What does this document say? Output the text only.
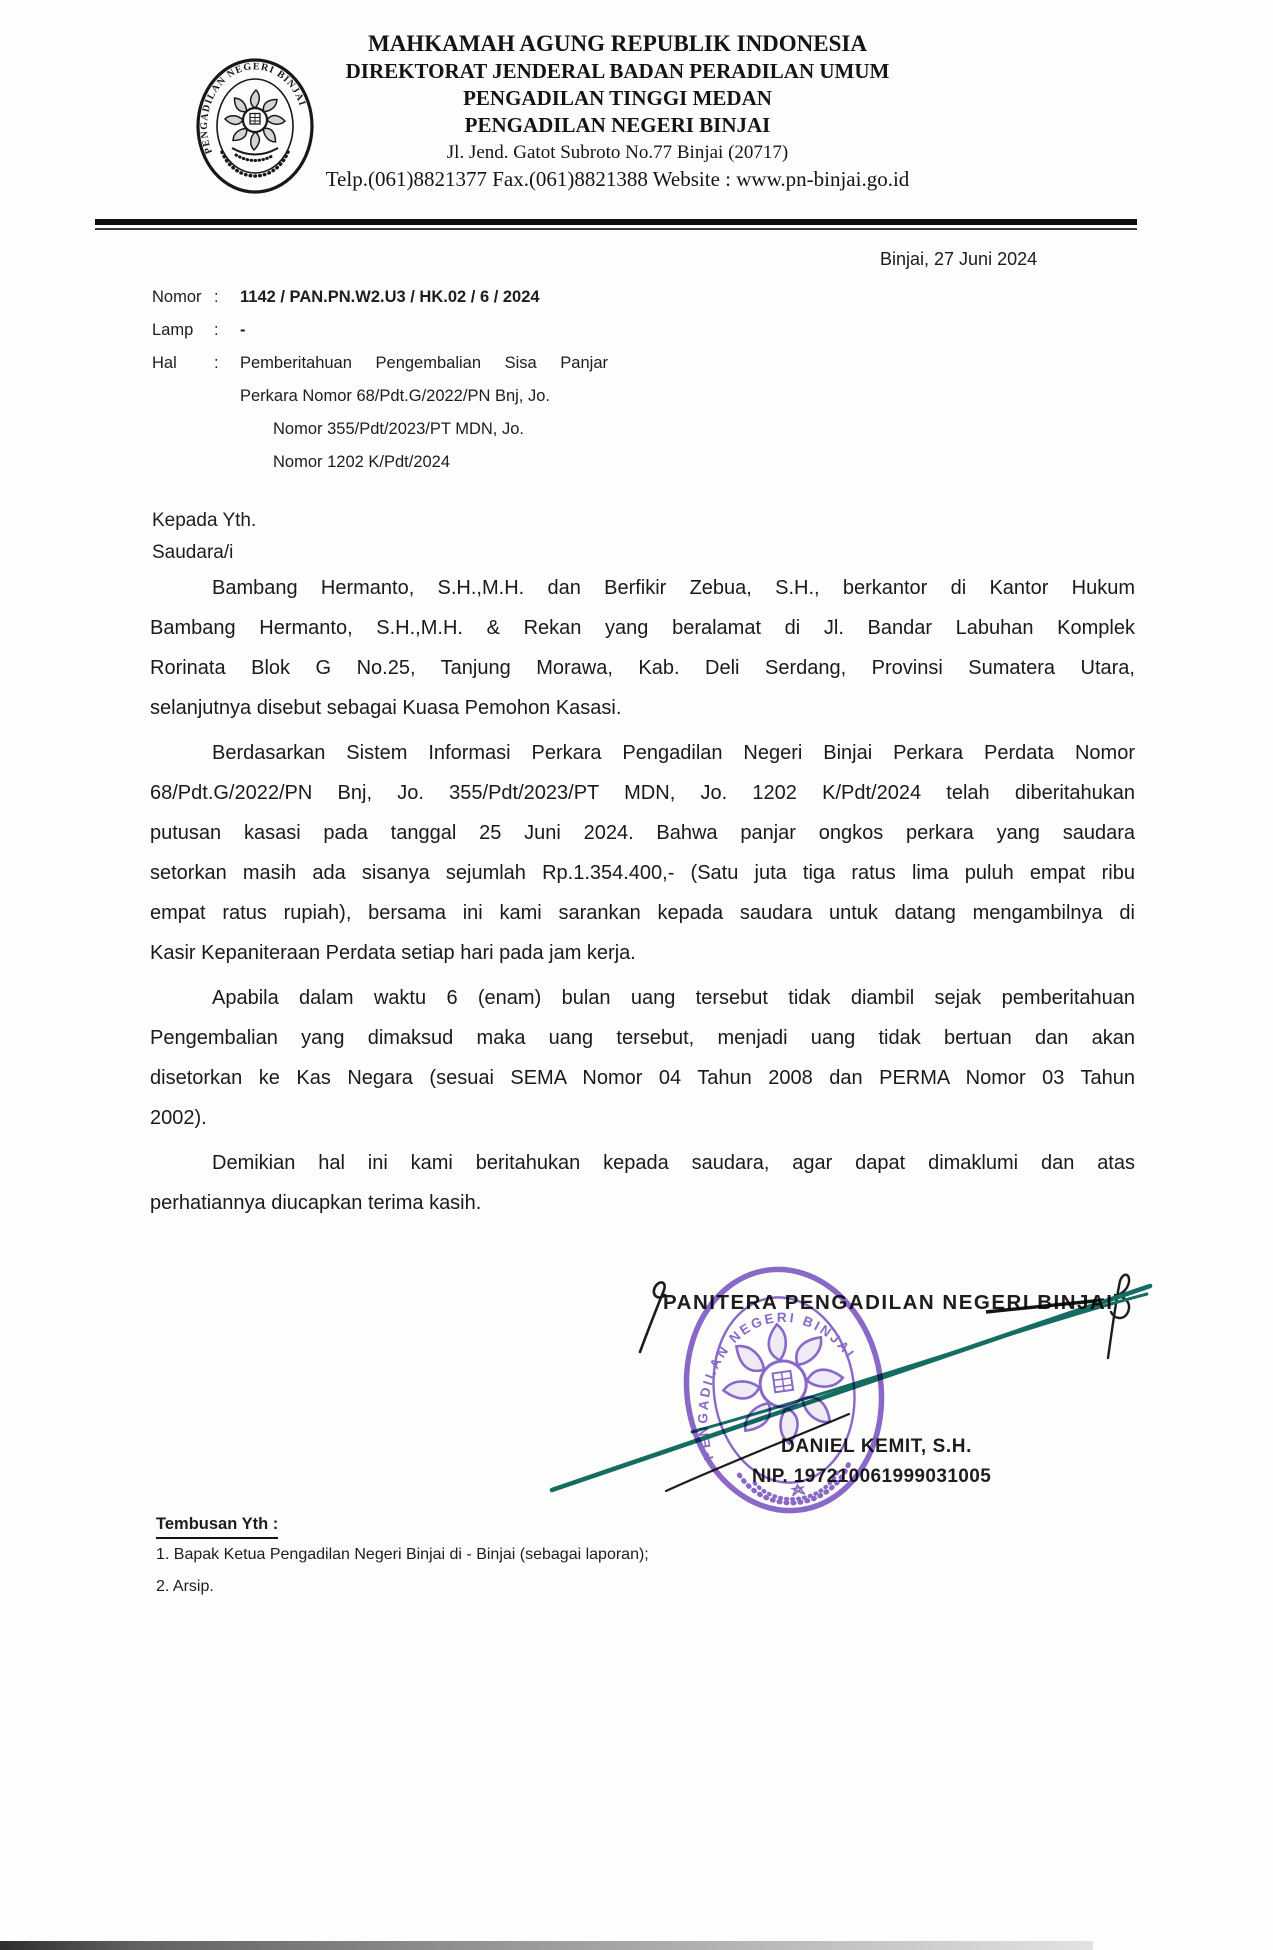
PENGADILAN NEGERI BINJAI
MAHKAMAH AGUNG REPUBLIK INDONESIA
DIREKTORAT JENDERAL BADAN PERADILAN UMUM
PENGADILAN TINGGI MEDAN
PENGADILAN NEGERI BINJAI
Jl. Jend. Gatot Subroto No.77 Binjai (20717)
Telp.(061)8821377 Fax.(061)8821388 Website : www.pn-binjai.go.id
Binjai, 27 Juni 2024
Nomor :	1142 / PAN.PN.W2.U3 / HK.02 / 6 / 2024
Lamp	:	-
Hal	:	Pemberitahuan Pengembalian Sisa Panjar
Perkara Nomor 68/Pdt.G/2022/PN Bnj, Jo.
Nomor 355/Pdt/2023/PT MDN, Jo.
Nomor 1202 K/Pdt/2024
Kepada Yth.
Saudara/i
Bambang Hermanto, S.H.,M.H. dan Berfikir Zebua, S.H., berkantor di Kantor Hukum
Bambang Hermanto, S.H.,M.H. & Rekan yang beralamat di Jl. Bandar Labuhan Komplek
Rorinata Blok G No.25, Tanjung Morawa, Kab. Deli Serdang, Provinsi Sumatera Utara,
selanjutnya disebut sebagai Kuasa Pemohon Kasasi.
Berdasarkan Sistem Informasi Perkara Pengadilan Negeri Binjai Perkara Perdata Nomor
68/Pdt.G/2022/PN Bnj, Jo. 355/Pdt/2023/PT MDN, Jo. 1202 K/Pdt/2024 telah diberitahukan
putusan kasasi pada tanggal 25 Juni 2024. Bahwa panjar ongkos perkara yang saudara
setorkan masih ada sisanya sejumlah Rp.1.354.400,- (Satu juta tiga ratus lima puluh empat ribu
empat ratus rupiah), bersama ini kami sarankan kepada saudara untuk datang mengambilnya di
Kasir Kepaniteraan Perdata setiap hari pada jam kerja.
Apabila dalam waktu 6 (enam) bulan uang tersebut tidak diambil sejak pemberitahuan
Pengembalian yang dimaksud maka uang tersebut, menjadi uang tidak bertuan dan akan
disetorkan ke Kas Negara (sesuai SEMA Nomor 04 Tahun 2008 dan PERMA Nomor 03 Tahun
2002).
Demikian hal ini kami beritahukan kepada saudara, agar dapat dimaklumi dan atas
perhatiannya diucapkan terima kasih.
PANITERA PENGADILAN NEGERI BINJAI
DANIEL KEMIT, S.H.
NIP. 197210061999031005
PENGADILAN NEGERI BINJAI
Tembusan Yth :
1. Bapak Ketua Pengadilan Negeri Binjai di - Binjai (sebagai laporan);
2. Arsip.
